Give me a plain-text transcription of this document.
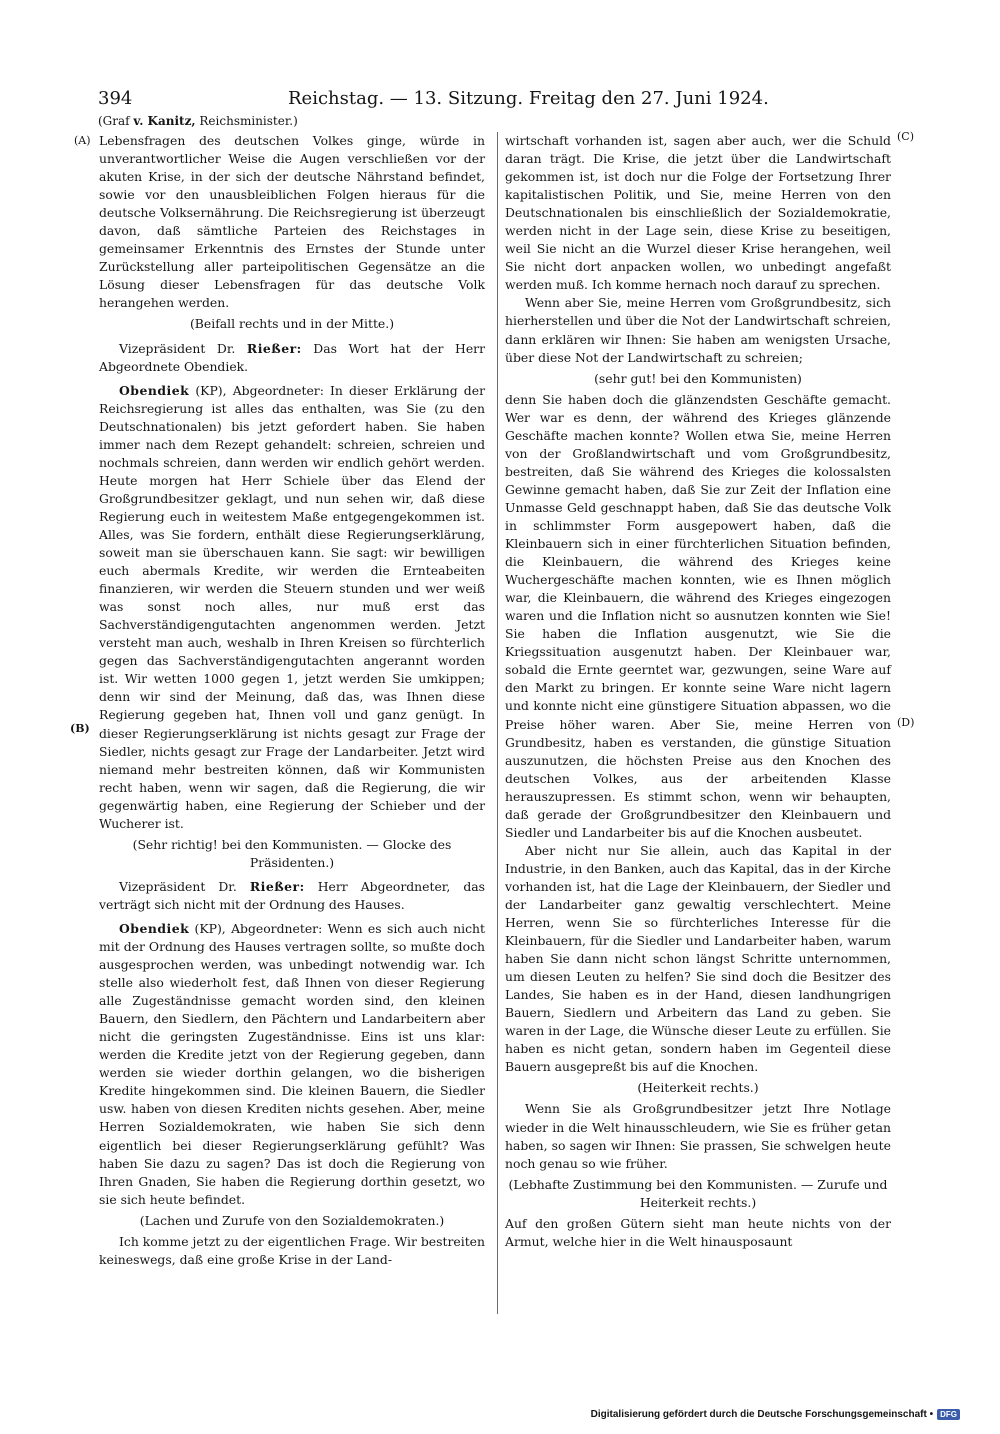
394	Reichstag. — 13. Sitzung. Freitag den 27. Juni 1924.
(Graf v. Kanitz, Reichsminister.)
(A)
(B)
(C)
(D)

Lebensfragen des deutschen Volkes ginge, würde in unverantwortlicher Weise die Augen verschließen vor der akuten Krise, in der sich der deutsche Nährstand befindet, sowie vor den unausbleiblichen Folgen hieraus für die deutsche Volksernährung. Die Reichsregierung ist überzeugt davon, daß sämtliche Parteien des Reichstages in gemeinsamer Erkenntnis des Ernstes der Stunde unter Zurückstellung aller parteipolitischen Gegensätze an die Lösung dieser Lebensfragen für das deutsche Volk herangehen werden.

(Beifall rechts und in der Mitte.)

Vizepräsident Dr. Rießer: Das Wort hat der Herr Abgeordnete Obendiek.

Obendiek (KP), Abgeordneter: In dieser Erklärung der Reichsregierung ist alles das enthalten, was Sie (zu den Deutschnationalen) bis jetzt gefordert haben. Sie haben immer nach dem Rezept gehandelt: schreien, schreien und nochmals schreien, dann werden wir endlich gehört werden. Heute morgen hat Herr Schiele über das Elend der Großgrundbesitzer geklagt, und nun sehen wir, daß diese Regierung euch in weitestem Maße entgegengekommen ist. Alles, was Sie fordern, enthält diese Regierungserklärung, soweit man sie überschauen kann. Sie sagt: wir bewilligen euch abermals Kredite, wir werden die Ernteabeiten finanzieren, wir werden die Steuern stunden und wer weiß was sonst noch alles, nur muß erst das Sachverständigengutachten angenommen werden. Jetzt versteht man auch, weshalb in Ihren Kreisen so fürchterlich gegen das Sachverständigengutachten angerannt worden ist. Wir wetten 1000 gegen 1, jetzt werden Sie umkippen; denn wir sind der Meinung, daß das, was Ihnen diese Regierung gegeben hat, Ihnen voll und ganz genügt. In dieser Regierungserklärung ist nichts gesagt zur Frage der Siedler, nichts gesagt zur Frage der Landarbeiter. Jetzt wird niemand mehr bestreiten können, daß wir Kommunisten recht haben, wenn wir sagen, daß die Regierung, die wir gegenwärtig haben, eine Regierung der Schieber und der Wucherer ist.

(Sehr richtig! bei den Kommunisten. — Glocke des Präsidenten.)

Vizepräsident Dr. Rießer: Herr Abgeordneter, das verträgt sich nicht mit der Ordnung des Hauses.

Obendiek (KP), Abgeordneter: Wenn es sich auch nicht mit der Ordnung des Hauses vertragen sollte, so mußte doch ausgesprochen werden, was unbedingt notwendig war. Ich stelle also wiederholt fest, daß Ihnen von dieser Regierung alle Zugeständnisse gemacht worden sind, den kleinen Bauern, den Siedlern, den Pächtern und Landarbeitern aber nicht die geringsten Zugeständnisse. Eins ist uns klar: werden die Kredite jetzt von der Regierung gegeben, dann werden sie wieder dorthin gelangen, wo die bisherigen Kredite hingekommen sind. Die kleinen Bauern, die Siedler usw. haben von diesen Krediten nichts gesehen. Aber, meine Herren Sozialdemokraten, wie haben Sie sich denn eigentlich bei dieser Regierungserklärung gefühlt? Was haben Sie dazu zu sagen? Das ist doch die Regierung von Ihren Gnaden, Sie haben die Regierung dorthin gesetzt, wo sie sich heute befindet.

(Lachen und Zurufe von den Sozialdemokraten.)

Ich komme jetzt zu der eigentlichen Frage. Wir bestreiten keineswegs, daß eine große Krise in der Land-

wirtschaft vorhanden ist, sagen aber auch, wer die Schuld daran trägt. Die Krise, die jetzt über die Landwirtschaft gekommen ist, ist doch nur die Folge der Fortsetzung Ihrer kapitalistischen Politik, und Sie, meine Herren von den Deutschnationalen bis einschließlich der Sozialdemokratie, werden nicht in der Lage sein, diese Krise zu beseitigen, weil Sie nicht an die Wurzel dieser Krise herangehen, weil Sie nicht dort anpacken wollen, wo unbedingt angefaßt werden muß. Ich komme hernach noch darauf zu sprechen.

Wenn aber Sie, meine Herren vom Großgrundbesitz, sich hierherstellen und über die Not der Landwirtschaft schreien, dann erklären wir Ihnen: Sie haben am wenigsten Ursache, über diese Not der Landwirtschaft zu schreien;

(sehr gut! bei den Kommunisten)

denn Sie haben doch die glänzendsten Geschäfte gemacht. Wer war es denn, der während des Krieges glänzende Geschäfte machen konnte? Wollen etwa Sie, meine Herren von der Großlandwirtschaft und vom Großgrundbesitz, bestreiten, daß Sie während des Krieges die kolossalsten Gewinne gemacht haben, daß Sie zur Zeit der Inflation eine Unmasse Geld geschnappt haben, daß Sie das deutsche Volk in schlimmster Form ausgepowert haben, daß die Kleinbauern sich in einer fürchterlichen Situation befinden, die Kleinbauern, die während des Krieges keine Wuchergeschäfte machen konnten, wie es Ihnen möglich war, die Kleinbauern, die während des Krieges eingezogen waren und die Inflation nicht so ausnutzen konnten wie Sie! Sie haben die Inflation ausgenutzt, wie Sie die Kriegssituation ausgenutzt haben. Der Kleinbauer war, sobald die Ernte geerntet war, gezwungen, seine Ware auf den Markt zu bringen. Er konnte seine Ware nicht lagern und konnte nicht eine günstigere Situation abpassen, wo die Preise höher waren. Aber Sie, meine Herren von Grundbesitz, haben es verstanden, die günstige Situation auszunutzen, die höchsten Preise aus den Knochen des deutschen Volkes, aus der arbeitenden Klasse herauszupressen. Es stimmt schon, wenn wir behaupten, daß gerade der Großgrundbesitzer den Kleinbauern und Siedler und Landarbeiter bis auf die Knochen ausbeutet.

Aber nicht nur Sie allein, auch das Kapital in der Industrie, in den Banken, auch das Kapital, das in der Kirche vorhanden ist, hat die Lage der Kleinbauern, der Siedler und der Landarbeiter ganz gewaltig verschlechtert. Meine Herren, wenn Sie so fürchterliches Interesse für die Kleinbauern, für die Siedler und Landarbeiter haben, warum haben Sie dann nicht schon längst Schritte unternommen, um diesen Leuten zu helfen? Sie sind doch die Besitzer des Landes, Sie haben es in der Hand, diesen landhungrigen Bauern, Siedlern und Arbeitern das Land zu geben. Sie waren in der Lage, die Wünsche dieser Leute zu erfüllen. Sie haben es nicht getan, sondern haben im Gegenteil diese Bauern ausgepreßt bis auf die Knochen.

(Heiterkeit rechts.)

Wenn Sie als Großgrundbesitzer jetzt Ihre Notlage wieder in die Welt hinausschleudern, wie Sie es früher getan haben, so sagen wir Ihnen: Sie prassen, Sie schwelgen heute noch genau so wie früher.

(Lebhafte Zustimmung bei den Kommunisten. — Zurufe und Heiterkeit rechts.)

Auf den großen Gütern sieht man heute nichts von der Armut, welche hier in die Welt hinausposaunt

Digitalisierung gefördert durch die Deutsche Forschungsgemeinschaft • DFG
